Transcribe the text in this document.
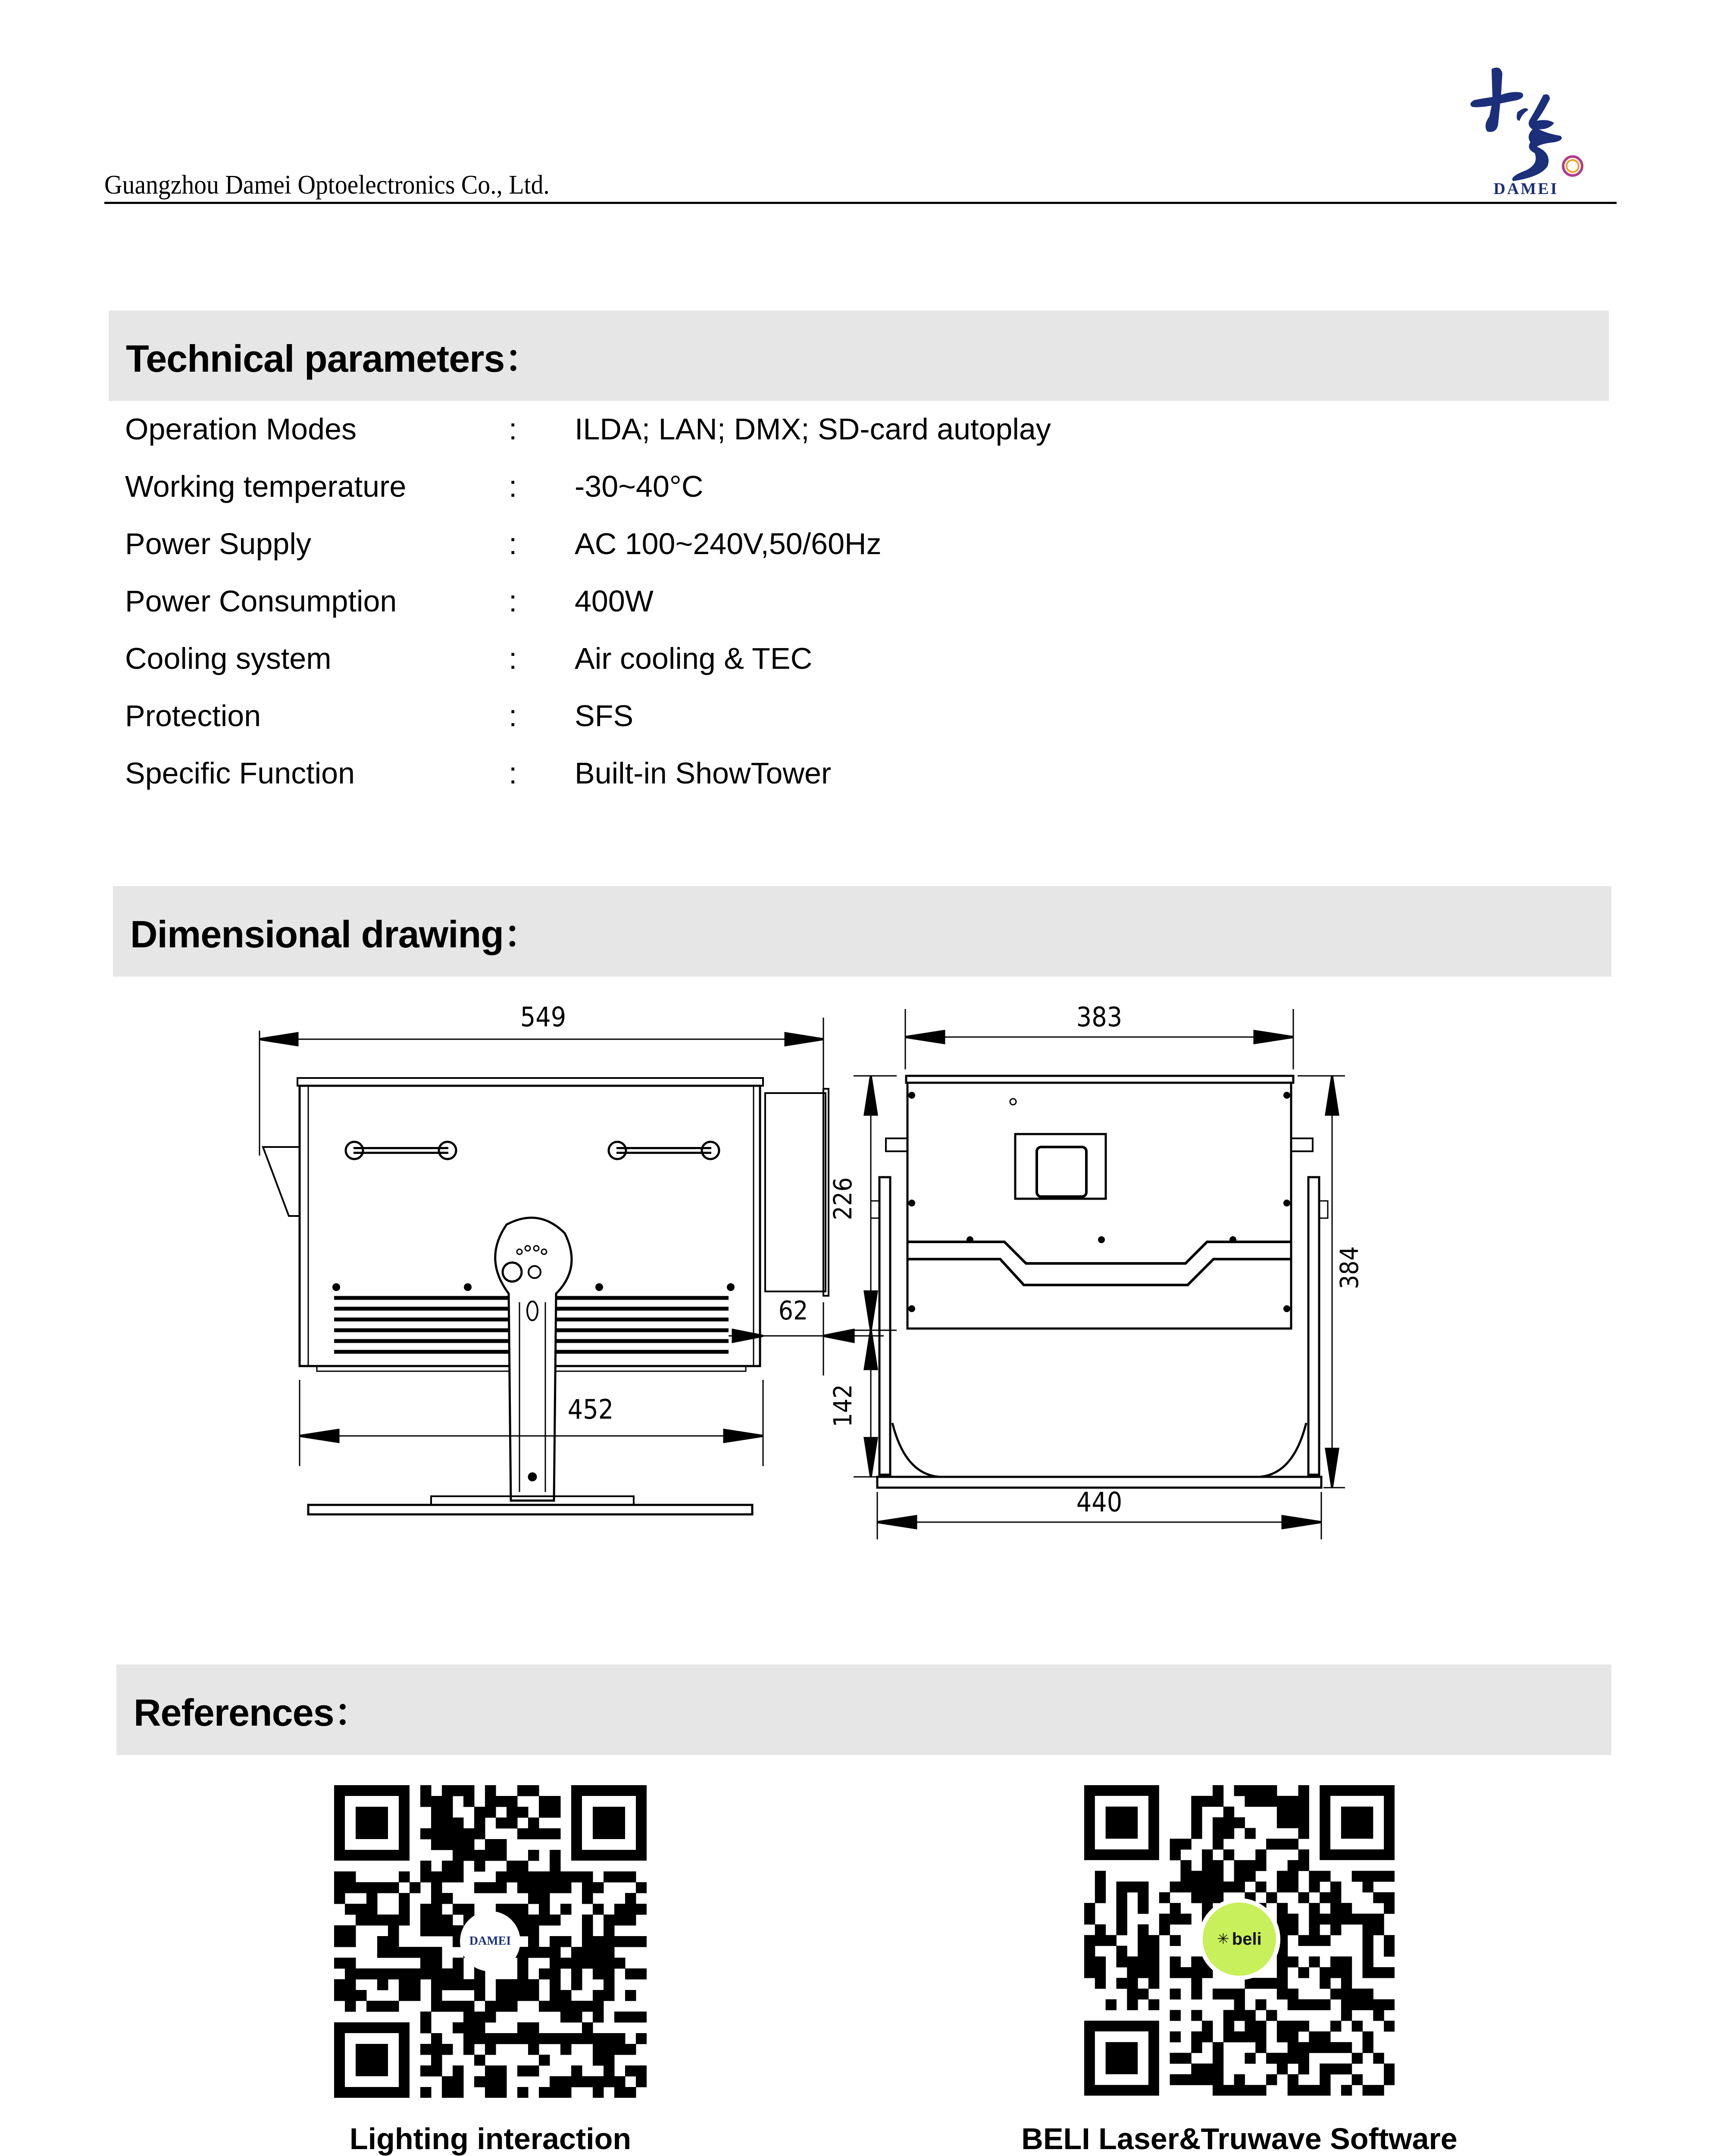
Guangzhou Damei Optoelectronics Co., Ltd.	DAMEI
Technical parameters：
Operation Modes	: ILDA; LAN; DMX; SD-card autoplay
Working temperature	: -30~40°C
Power Supply	: AC 100~240V,50/60Hz
Power Consumption	: 400W
Cooling system	: Air cooling & TEC
Protection	: SFS
Specific Function	: Built-in ShowTower
Dimensional drawing：
549
452
62
383
226
142
384
440
References：
DAMEI
Lighting interaction
✳ beli
BELI Laser&Truwave Software
